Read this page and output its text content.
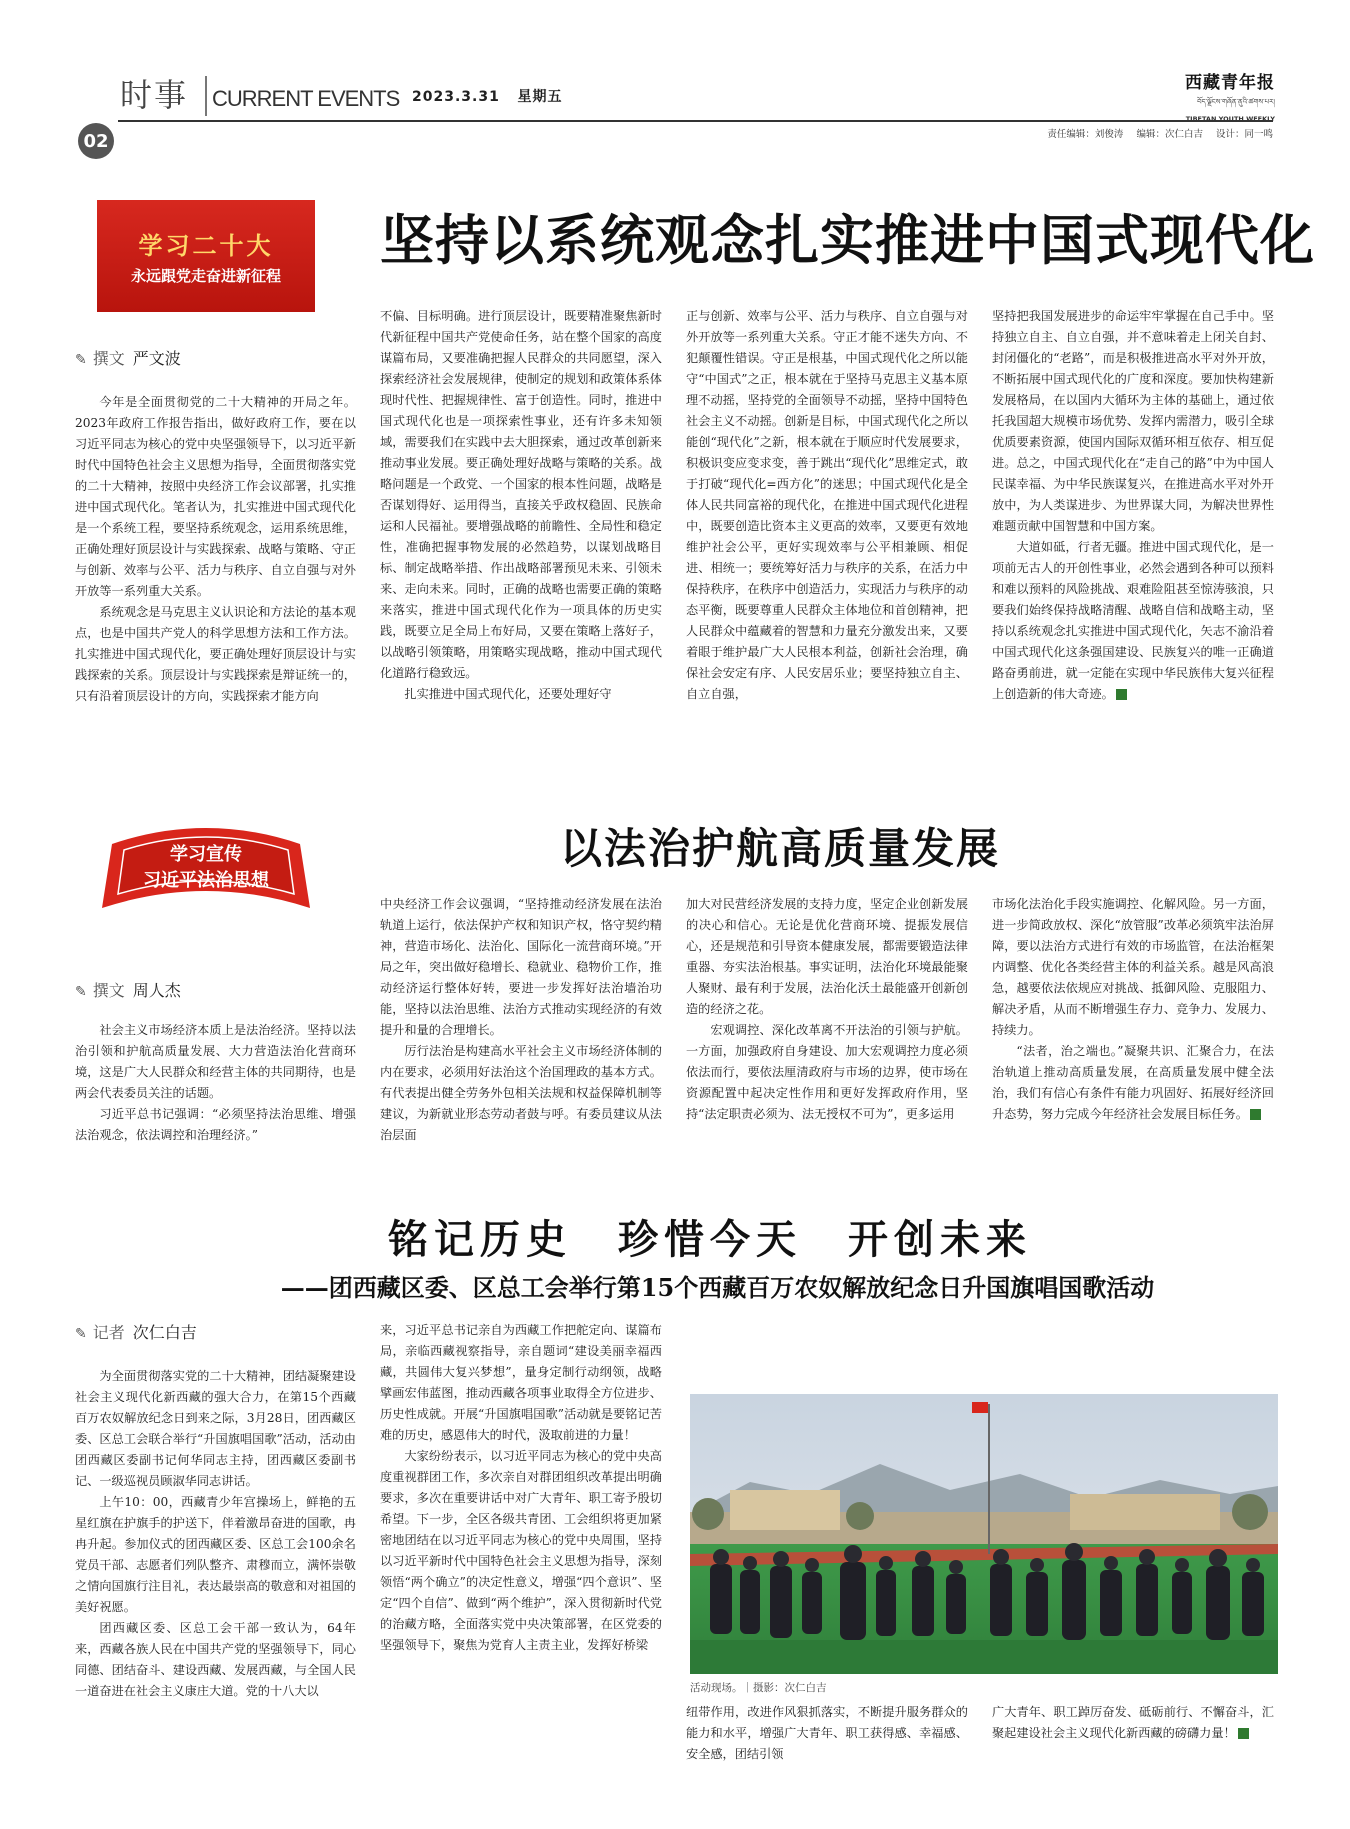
时事 CURRENT EVENTS 2023.3.31 星期五
02
西藏青年报
བོད་ལྗོངས་གཞོན་ནུའི་ཚགས་པར།
TIBETAN YOUTH WEEKLY
责任编辑：刘俊涛 编辑：次仁白吉 设计：同一鸣
学习二十大
永远跟党走奋进新征程
坚持以系统观念扎实推进中国式现代化
✎ 撰文 严文波

今年是全面贯彻党的二十大精神的开局之年。2023年政府工作报告指出，做好政府工作，要在以习近平同志为核心的党中央坚强领导下，以习近平新时代中国特色社会主义思想为指导，全面贯彻落实党的二十大精神，按照中央经济工作会议部署，扎实推进中国式现代化。笔者认为，扎实推进中国式现代化是一个系统工程，要坚持系统观念，运用系统思维，正确处理好顶层设计与实践探索、战略与策略、守正与创新、效率与公平、活力与秩序、自立自强与对外开放等一系列重大关系。

系统观念是马克思主义认识论和方法论的基本观点，也是中国共产党人的科学思想方法和工作方法。扎实推进中国式现代化，要正确处理好顶层设计与实践探索的关系。顶层设计与实践探索是辩证统一的，只有沿着顶层设计的方向，实践探索才能方向

不偏、目标明确。进行顶层设计，既要精准聚焦新时代新征程中国共产党使命任务，站在整个国家的高度谋篇布局，又要准确把握人民群众的共同愿望，深入探索经济社会发展规律，使制定的规划和政策体系体现时代性、把握规律性、富于创造性。同时，推进中国式现代化也是一项探索性事业，还有许多未知领域，需要我们在实践中去大胆探索，通过改革创新来推动事业发展。要正确处理好战略与策略的关系。战略问题是一个政党、一个国家的根本性问题，战略是否谋划得好、运用得当，直接关乎政权稳固、民族命运和人民福祉。要增强战略的前瞻性、全局性和稳定性，准确把握事物发展的必然趋势，以谋划战略目标、制定战略举措、作出战略部署预见未来、引领未来、走向未来。同时，正确的战略也需要正确的策略来落实，推进中国式现代化作为一项具体的历史实践，既要立足全局上布好局，又要在策略上落好子，以战略引领策略，用策略实现战略，推动中国式现代化道路行稳致远。

扎实推进中国式现代化，还要处理好守

正与创新、效率与公平、活力与秩序、自立自强与对外开放等一系列重大关系。守正才能不迷失方向、不犯颠覆性错误。守正是根基，中国式现代化之所以能守“中国式”之正，根本就在于坚持马克思主义基本原理不动摇，坚持党的全面领导不动摇，坚持中国特色社会主义不动摇。创新是目标，中国式现代化之所以能创“现代化”之新，根本就在于顺应时代发展要求，积极识变应变求变，善于跳出“现代化”思维定式，敢于打破“现代化=西方化”的迷思；中国式现代化是全体人民共同富裕的现代化，在推进中国式现代化进程中，既要创造比资本主义更高的效率，又要更有效地维护社会公平，更好实现效率与公平相兼顾、相促进、相统一；要统筹好活力与秩序的关系，在活力中保持秩序，在秩序中创造活力，实现活力与秩序的动态平衡，既要尊重人民群众主体地位和首创精神，把人民群众中蕴藏着的智慧和力量充分激发出来，又要着眼于维护最广大人民根本利益，创新社会治理，确保社会安定有序、人民安居乐业；要坚持独立自主、自立自强，

坚持把我国发展进步的命运牢牢掌握在自己手中。坚持独立自主、自立自强，并不意味着走上闭关自封、封闭僵化的“老路”，而是积极推进高水平对外开放，不断拓展中国式现代化的广度和深度。要加快构建新发展格局，在以国内大循环为主体的基础上，通过依托我国超大规模市场优势、发挥内需潜力，吸引全球优质要素资源，使国内国际双循环相互依存、相互促进。总之，中国式现代化在“走自己的路”中为中国人民谋幸福、为中华民族谋复兴，在推进高水平对外开放中，为人类谋进步、为世界谋大同，为解决世界性难题贡献中国智慧和中国方案。

大道如砥，行者无疆。推进中国式现代化，是一项前无古人的开创性事业，必然会遇到各种可以预料和难以预料的风险挑战、艰难险阻甚至惊涛骇浪，只要我们始终保持战略清醒、战略自信和战略主动，坚持以系统观念扎实推进中国式现代化，矢志不渝沿着中国式现代化这条强国建设、民族复兴的唯一正确道路奋勇前进，就一定能在实现中华民族伟大复兴征程上创造新的伟大奇迹。

学习宣传
习近平法治思想
以法治护航高质量发展
✎ 撰文 周人杰

社会主义市场经济本质上是法治经济。坚持以法治引领和护航高质量发展、大力营造法治化营商环境，这是广大人民群众和经营主体的共同期待，也是两会代表委员关注的话题。

习近平总书记强调：“必须坚持法治思维、增强法治观念，依法调控和治理经济。”

中央经济工作会议强调，“坚持推动经济发展在法治轨道上运行，依法保护产权和知识产权，恪守契约精神，营造市场化、法治化、国际化一流营商环境。”开局之年，突出做好稳增长、稳就业、稳物价工作，推动经济运行整体好转，要进一步发挥好法治墙治功能，坚持以法治思维、法治方式推动实现经济的有效提升和量的合理增长。

厉行法治是构建高水平社会主义市场经济体制的内在要求，必须用好法治这个治国理政的基本方式。有代表提出健全劳务外包相关法规和权益保障机制等建议，为新就业形态劳动者鼓与呼。有委员建议从法治层面

加大对民营经济发展的支持力度，坚定企业创新发展的决心和信心。无论是优化营商环境、提振发展信心，还是规范和引导资本健康发展，都需要锻造法律重器、夯实法治根基。事实证明，法治化环境最能聚人聚财、最有利于发展，法治化沃土最能盛开创新创造的经济之花。

宏观调控、深化改革离不开法治的引领与护航。一方面，加强政府自身建设、加大宏观调控力度必须依法而行，要依法厘清政府与市场的边界，使市场在资源配置中起决定性作用和更好发挥政府作用，坚持“法定职责必须为、法无授权不可为”，更多运用

市场化法治化手段实施调控、化解风险。另一方面，进一步简政放权、深化“放管服”改革必须筑牢法治屏障，要以法治方式进行有效的市场监管，在法治框架内调整、优化各类经营主体的利益关系。越是风高浪急，越要依法依规应对挑战、抵御风险、克服阻力、解决矛盾，从而不断增强生存力、竞争力、发展力、持续力。

“法者，治之端也。”凝聚共识、汇聚合力，在法治轨道上推动高质量发展，在高质量发展中健全法治，我们有信心有条件有能力巩固好、拓展好经济回升态势，努力完成今年经济社会发展目标任务。

铭记历史　珍惜今天　开创未来
——团西藏区委、区总工会举行第15个西藏百万农奴解放纪念日升国旗唱国歌活动
✎ 记者 次仁白吉

为全面贯彻落实党的二十大精神，团结凝聚建设社会主义现代化新西藏的强大合力，在第15个西藏百万农奴解放纪念日到来之际，3月28日，团西藏区委、区总工会联合举行“升国旗唱国歌”活动，活动由团西藏区委副书记何华同志主持，团西藏区委副书记、一级巡视员顾淑华同志讲话。

上午10：00，西藏青少年宫操场上，鲜艳的五星红旗在护旗手的护送下，伴着激昂奋进的国歌，冉冉升起。参加仪式的团西藏区委、区总工会100余名党员干部、志愿者们列队整齐、肃穆而立，满怀崇敬之情向国旗行注目礼，表达最崇高的敬意和对祖国的美好祝愿。

团西藏区委、区总工会干部一致认为，64年来，西藏各族人民在中国共产党的坚强领导下，同心同德、团结奋斗、建设西藏、发展西藏，与全国人民一道奋进在社会主义康庄大道。党的十八大以

来，习近平总书记亲自为西藏工作把舵定向、谋篇布局，亲临西藏视察指导，亲自题词“建设美丽幸福西藏，共圆伟大复兴梦想”，量身定制行动纲领，战略擘画宏伟蓝图，推动西藏各项事业取得全方位进步、历史性成就。开展“升国旗唱国歌”活动就是要铭记苦难的历史，感恩伟大的时代，汲取前进的力量！

大家纷纷表示，以习近平同志为核心的党中央高度重视群团工作，多次亲自对群团组织改革提出明确要求，多次在重要讲话中对广大青年、职工寄予殷切希望。下一步，全区各级共青团、工会组织将更加紧密地团结在以习近平同志为核心的党中央周围，坚持以习近平新时代中国特色社会主义思想为指导，深刻领悟“两个确立”的决定性意义，增强“四个意识”、坚定“四个自信”、做到“两个维护”，深入贯彻新时代党的治藏方略，全面落实党中央决策部署，在区党委的坚强领导下，聚焦为党育人主责主业，发挥好桥梁

活动现场。｜摄影：次仁白吉

纽带作用，改进作风狠抓落实，不断提升服务群众的能力和水平，增强广大青年、职工获得感、幸福感、安全感，团结引领

广大青年、职工踔厉奋发、砥砺前行、不懈奋斗，汇聚起建设社会主义现代化新西藏的磅礴力量！
